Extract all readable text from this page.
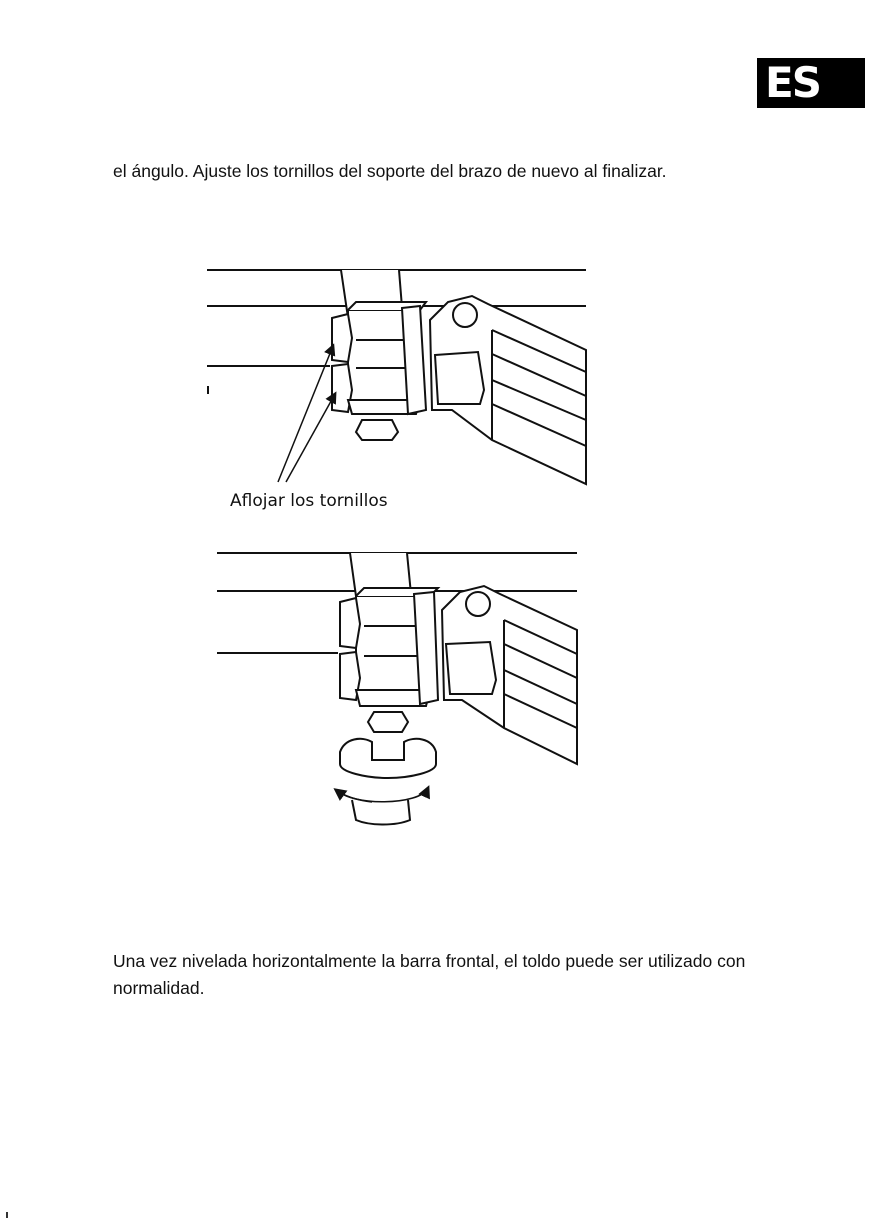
ES

el ángulo. Ajuste los tornillos del soporte del brazo de nuevo al finalizar.

Aflojar los tornillos

Una vez nivelada horizontalmente la barra frontal, el toldo puede ser utilizado con normalidad.
